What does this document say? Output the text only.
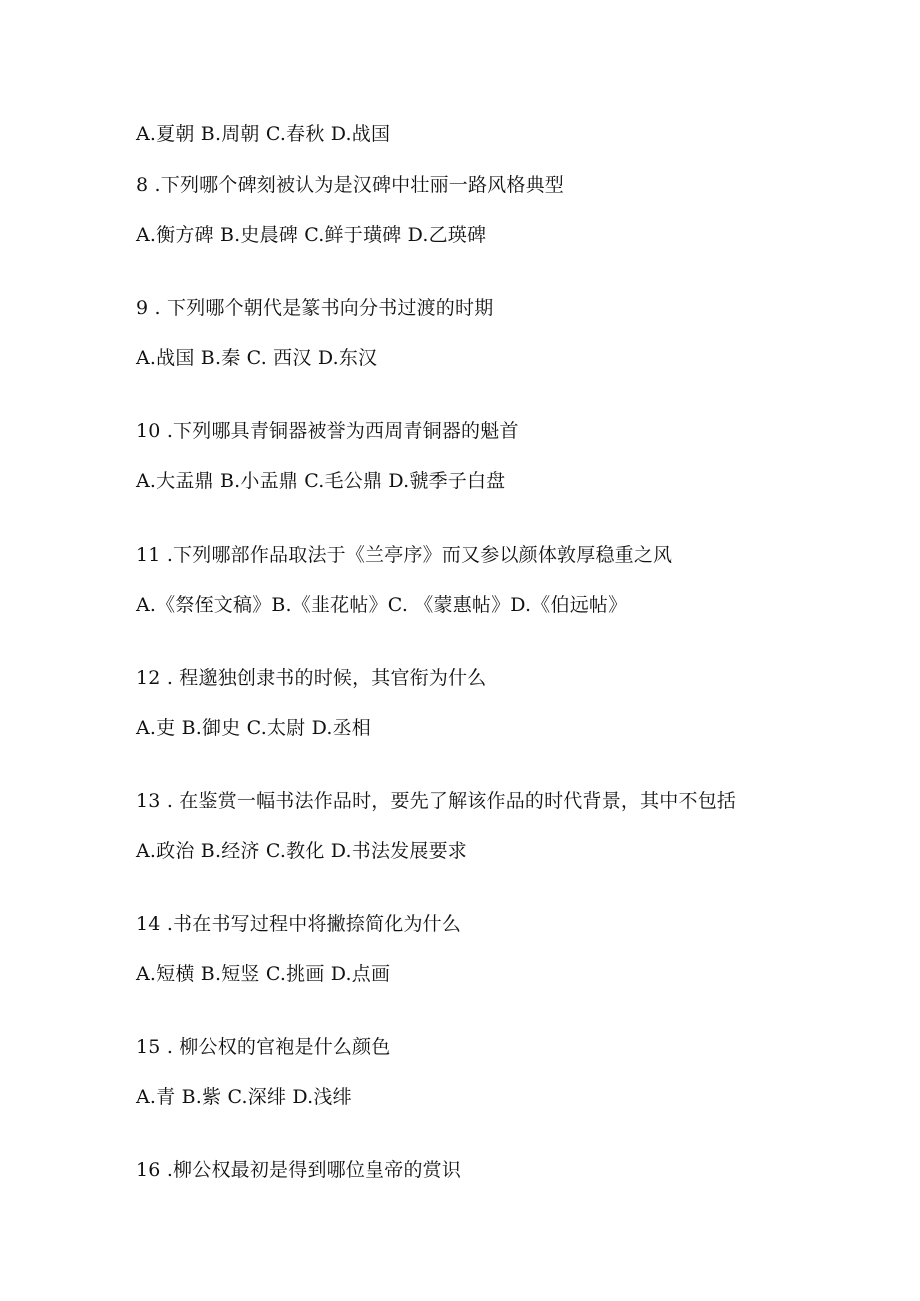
A.夏朝 B.周朝 C.春秋 D.战国
8 .下列哪个碑刻被认为是汉碑中壮丽一路风格典型
A.衡方碑 B.史晨碑 C.鲜于璜碑 D.乙瑛碑
9 . 下列哪个朝代是篆书向分书过渡的时期
A.战国 B.秦 C. 西汉 D.东汉
10 .下列哪具青铜器被誉为西周青铜器的魁首
A.大盂鼎 B.小盂鼎 C.毛公鼎 D.虢季子白盘
11 .下列哪部作品取法于《兰亭序》而又参以颜体敦厚稳重之风
A.《祭侄文稿》B.《韭花帖》C. 《蒙惠帖》D.《伯远帖》
12 . 程邈独创隶书的时候，其官衔为什么
A.吏 B.御史 C.太尉 D.丞相
13 . 在鉴赏一幅书法作品时，要先了解该作品的时代背景，其中不包括
A.政治 B.经济 C.教化 D.书法发展要求
14 .书在书写过程中将撇捺简化为什么
A.短横 B.短竖 C.挑画 D.点画
15 . 柳公权的官袍是什么颜色
A.青 B.紫 C.深绯 D.浅绯
16 .柳公权最初是得到哪位皇帝的赏识
